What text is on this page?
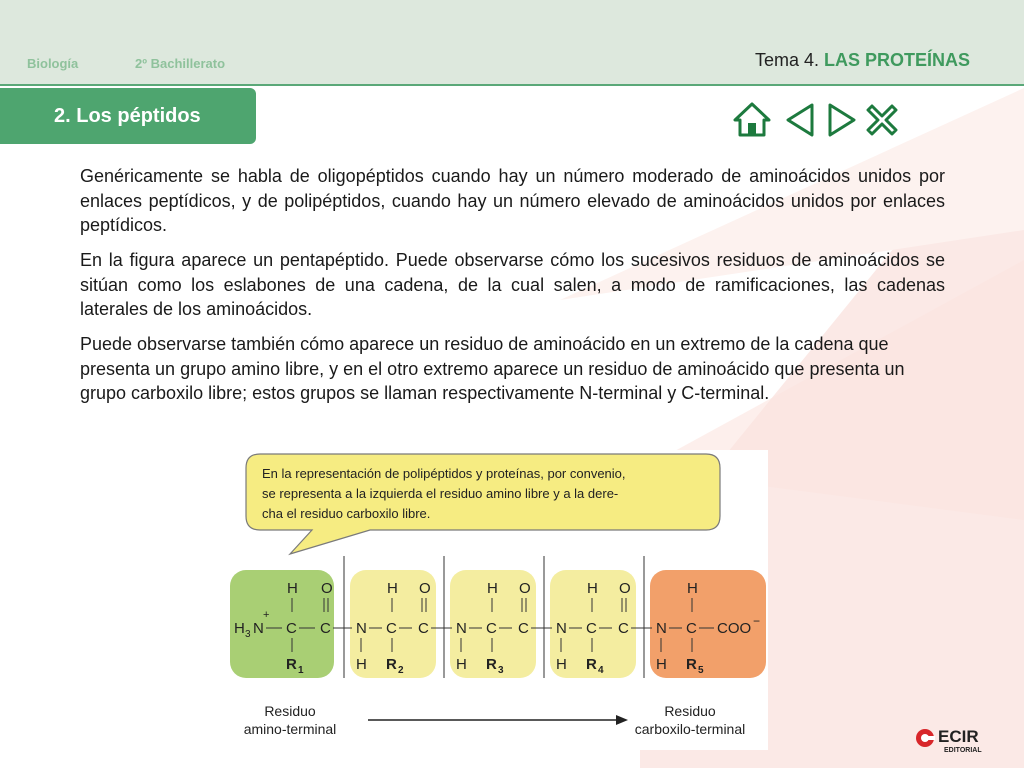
Biología	2º Bachillerato	Tema 4. LAS PROTEÍNAS
2. Los péptidos
Genéricamente se habla de oligopéptidos cuando hay un número moderado de aminoácidos unidos por enlaces peptídicos, y de polipéptidos, cuando hay un número elevado de aminoácidos unidos por enlaces peptídicos.
En la figura aparece un pentapéptido. Puede observarse cómo los sucesivos residuos de aminoácidos se sitúan como los eslabones de una cadena, de la cual salen, a modo de ramificaciones, las cadenas laterales de los aminoácidos.
Puede observarse también cómo aparece un residuo de aminoácido en un extremo de la cadena que presenta un grupo amino libre, y en el otro extremo aparece un residuo de aminoácido que presenta un grupo carboxilo libre; estos grupos se llaman respectivamente N-terminal y C-terminal.
En la representación de polipéptidos y proteínas, por convenio,
se representa a la izquierda el residuo amino libre y a la dere-
cha el residuo carboxilo libre.
H O
+
H 3 N C C
R 1
N C C
H O
H R 2
N C C
H O
H R 3
N C C
H O
H R 4
N C COO −
H
H R 5
Residuo
amino-terminal
Residuo
carboxilo-terminal	ECIR
EDITORIAL
